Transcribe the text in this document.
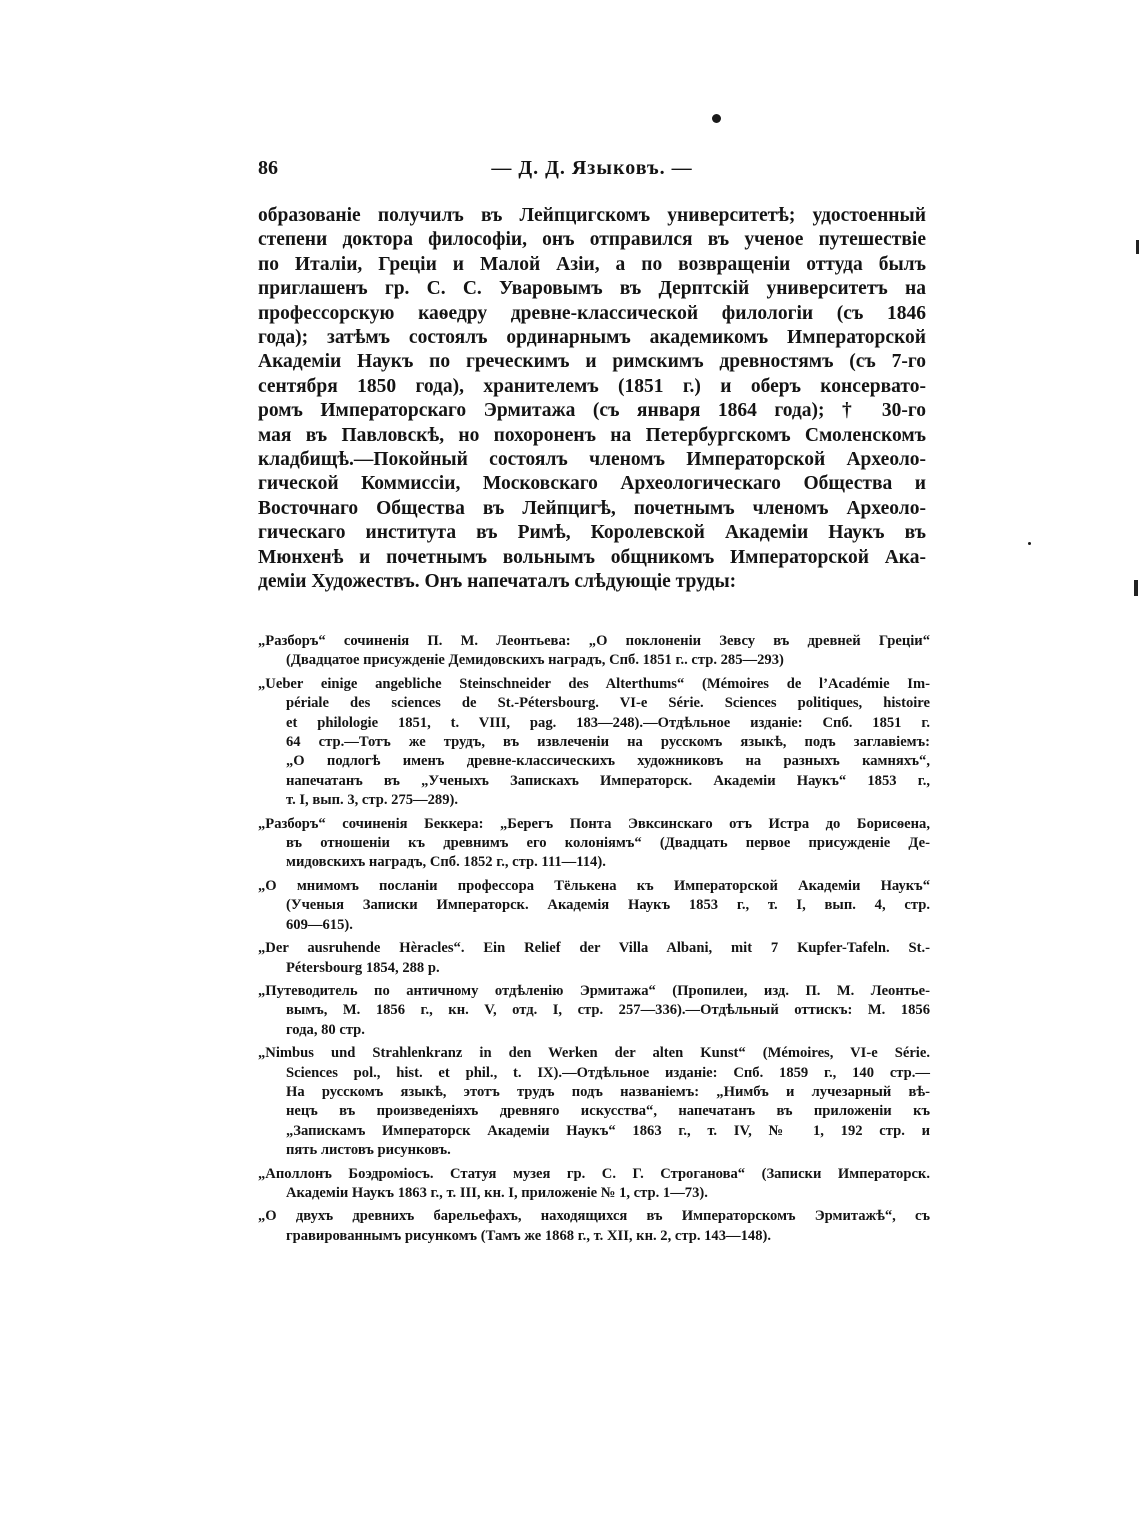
86	— Д. Д. Языковъ. —
образованіе получилъ въ Лейпцигскомъ университетѣ; удостоенный
степени доктора философіи, онъ отправился въ ученое путешествіе
по Италіи, Греціи и Малой Азіи, а по возвращеніи оттуда былъ
приглашенъ гр. С. С. Уваровымъ въ Дерптскій университетъ на
профессорскую каѳедру древне-классической филологіи (съ 1846
года); затѣмъ состоялъ ординарнымъ академикомъ Императорской
Академіи Наукъ по греческимъ и римскимъ древностямъ (съ 7-го
сентября 1850 года), хранителемъ (1851 г.) и оберъ консервато-
ромъ Императорскаго Эрмитажа (съ января 1864 года); † 30-го
мая въ Павловскѣ, но похороненъ на Петербургскомъ Смоленскомъ
кладбищѣ.—Покойный состоялъ членомъ Императорской Археоло-
гической Коммиссіи, Московскаго Археологическаго Общества и
Восточнаго Общества въ Лейпцигѣ, почетнымъ членомъ Археоло-
гическаго института въ Римѣ, Королевской Академіи Наукъ въ
Мюнхенѣ и почетнымъ вольнымъ общникомъ Императорской Ака-
деміи Художествъ. Онъ напечаталъ слѣдующіе труды:
„Разборъ“ сочиненія П. М. Леонтьева: „О поклоненіи Зевсу въ древней Греціи“
(Двадцатое присужденіе Демидовскихъ наградъ, Спб. 1851 г.. стр. 285—293)
„Ueber einige angebliche Steinschneider des Alterthums“ (Mémoires de l’Académie Im-
périale des sciences de St.-Pétersbourg. VI-e Série. Sciences politiques, histoire
et philologie 1851, t. VIII, pag. 183—248).—Отдѣльное изданіе: Спб. 1851 г.
64 стр.—Тотъ же трудъ, въ извлеченіи на русскомъ языкѣ, подъ заглавіемъ:
„О подлогѣ именъ древне-классическихъ художниковъ на разныхъ камняхъ“,
напечатанъ въ „Ученыхъ Запискахъ Императорск. Академіи Наукъ“ 1853 г.,
т. I, вып. 3, стр. 275—289).
„Разборъ“ сочиненія Беккера: „Берегъ Понта Эвксинскаго отъ Истра до Борисѳена,
въ отношеніи къ древнимъ его колоніямъ“ (Двадцать первое присужденіе Де-
мидовскихъ наградъ, Спб. 1852 г., стр. 111—114).
„О мнимомъ посланіи профессора Тёлькена къ Императорской Академіи Наукъ“
(Ученыя Записки Императорск. Академія Наукъ 1853 г., т. I, вып. 4, стр.
609—615).
„Der ausruhende Hèracles“. Ein Relief der Villa Albani, mit 7 Kupfer-Tafeln. St.-
Pétersbourg 1854, 288 p.
„Путеводитель по античному отдѣленію Эрмитажа“ (Пропилеи, изд. П. М. Леонтье-
вымъ, М. 1856 г., кн. V, отд. I, стр. 257—336).—Отдѣльный оттискъ: М. 1856
года, 80 стр.
„Nimbus und Strahlenkranz in den Werken der alten Kunst“ (Mémoires, VI-e Série.
Sciences pol., hist. et phil., t. IX).—Отдѣльное изданіе: Спб. 1859 г., 140 стр.—
На русскомъ языкѣ, этотъ трудъ подъ названіемъ: „Нимбъ и лучезарный вѣ-
нецъ въ произведеніяхъ древняго искусства“, напечатанъ въ приложеніи къ
„Запискамъ Императорск Академіи Наукъ“ 1863 г., т. IV, № 1, 192 стр. и
пять листовъ рисунковъ.
„Аполлонъ Боэдроміосъ. Статуя музея гр. С. Г. Строганова“ (Записки Императорск.
Академіи Наукъ 1863 г., т. III, кн. I, приложеніе № 1, стр. 1—73).
„О двухъ древнихъ барельефахъ, находящихся въ Императорскомъ Эрмитажѣ“, съ
гравированнымъ рисункомъ (Тамъ же 1868 г., т. XII, кн. 2, стр. 143—148).
